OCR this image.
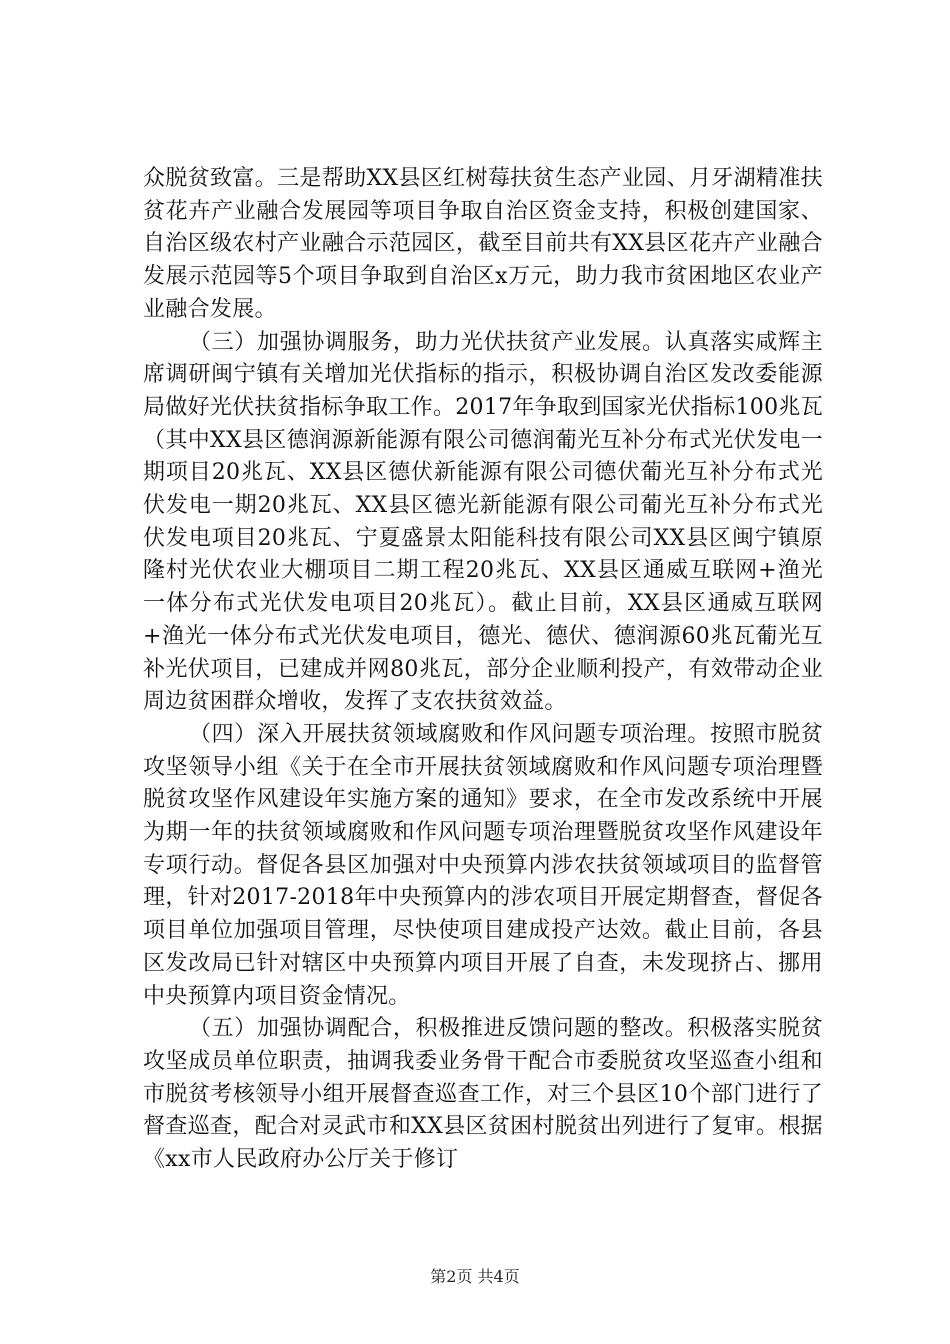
众脱贫致富。三是帮助XX县区红树莓扶贫生态产业园、月牙湖精准扶贫花卉产业融合发展园等项目争取自治区资金支持，积极创建国家、自治区级农村产业融合示范园区，截至目前共有XX县区花卉产业融合发展示范园等5个项目争取到自治区x万元，助力我市贫困地区农业产业融合发展。

（三）加强协调服务，助力光伏扶贫产业发展。认真落实咸辉主席调研闽宁镇有关增加光伏指标的指示，积极协调自治区发改委能源局做好光伏扶贫指标争取工作。2017年争取到国家光伏指标100兆瓦（其中XX县区德润源新能源有限公司德润葡光互补分布式光伏发电一期项目20兆瓦、XX县区德伏新能源有限公司德伏葡光互补分布式光伏发电一期20兆瓦、XX县区德光新能源有限公司葡光互补分布式光伏发电项目20兆瓦、宁夏盛景太阳能科技有限公司XX县区闽宁镇原隆村光伏农业大棚项目二期工程20兆瓦、XX县区通威互联网+渔光一体分布式光伏发电项目20兆瓦）。截止目前，XX县区通威互联网+渔光一体分布式光伏发电项目，德光、德伏、德润源60兆瓦葡光互补光伏项目，已建成并网80兆瓦，部分企业顺利投产，有效带动企业周边贫困群众增收，发挥了支农扶贫效益。

（四）深入开展扶贫领域腐败和作风问题专项治理。按照市脱贫攻坚领导小组《关于在全市开展扶贫领域腐败和作风问题专项治理暨脱贫攻坚作风建设年实施方案的通知》要求，在全市发改系统中开展为期一年的扶贫领域腐败和作风问题专项治理暨脱贫攻坚作风建设年专项行动。督促各县区加强对中央预算内涉农扶贫领域项目的监督管理，针对2017-2018年中央预算内的涉农项目开展定期督查，督促各项目单位加强项目管理，尽快使项目建成投产达效。截止目前，各县区发改局已针对辖区中央预算内项目开展了自查，未发现挤占、挪用中央预算内项目资金情况。

（五）加强协调配合，积极推进反馈问题的整改。积极落实脱贫攻坚成员单位职责，抽调我委业务骨干配合市委脱贫攻坚巡查小组和市脱贫考核领导小组开展督查巡查工作，对三个县区10个部门进行了督查巡查，配合对灵武市和XX县区贫困村脱贫出列进行了复审。根据《xx市人民政府办公厅关于修订

第2页 共4页
